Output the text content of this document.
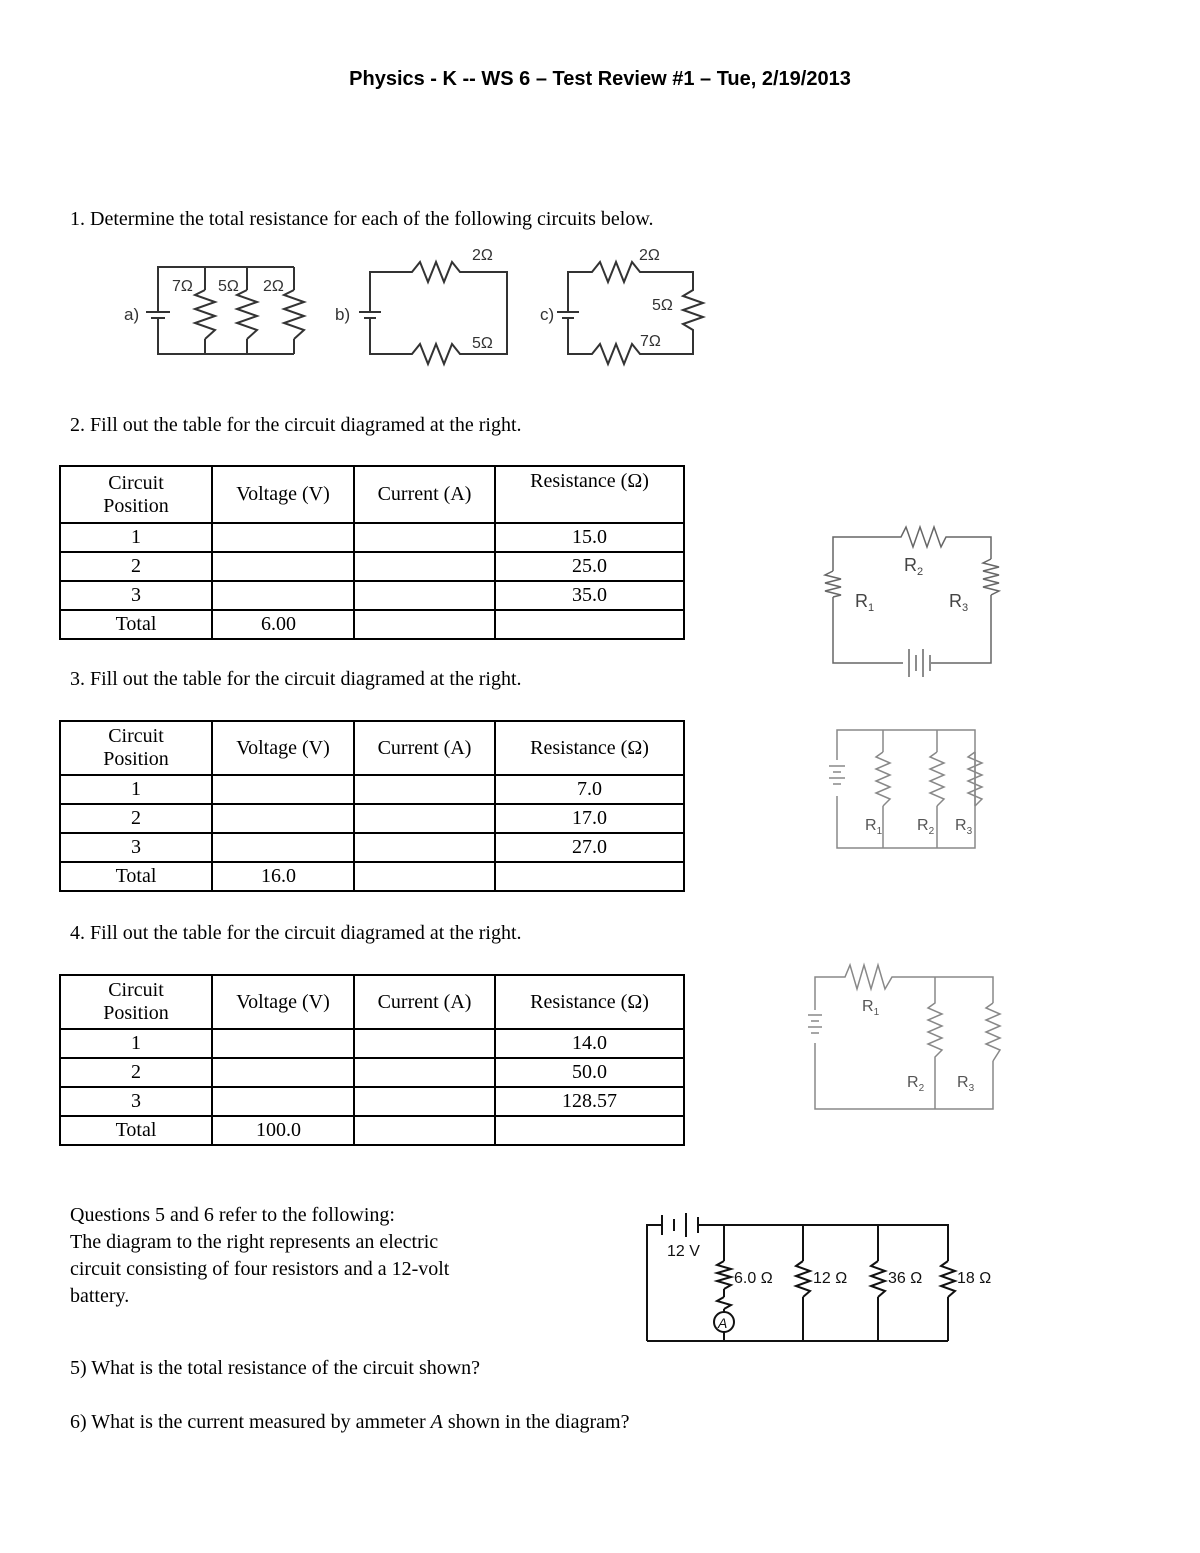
Physics - K -- WS 6 – Test Review #1 – Tue, 2/19/2013
1. Determine the total resistance for each of the following circuits below.
a)
7Ω 5Ω 2Ω
b)
2Ω
5Ω
c)
2Ω
5Ω
7Ω
2. Fill out the table for the circuit diagramed at the right.
Circuit
Position	Voltage (V)	Current (A)	Resistance (Ω)
1			15.0
2			25.0
3			35.0
Total	6.00		
$R_1$
$R_2$
$R_3$
3. Fill out the table for the circuit diagramed at the right.
Circuit
Position	Voltage (V)	Current (A)	Resistance (Ω)
1			7.0
2			17.0
3			27.0
Total	16.0		
$R_1$ $R_2$ $R_3$
4. Fill out the table for the circuit diagramed at the right.
Circuit
Position	Voltage (V)	Current (A)	Resistance (Ω)
1			14.0
2			50.0
3			128.57
Total	100.0		
$R_1$
$R_2$ $R_3$
Questions 5 and 6 refer to the following:
The diagram to the right represents an electric
circuit consisting of four resistors and a 12-volt
battery.
12 V
6.0 Ω	12 Ω	36 Ω 18 Ω
A
5) What is the total resistance of the circuit shown?
6) What is the current measured by ammeter A shown in the diagram?
